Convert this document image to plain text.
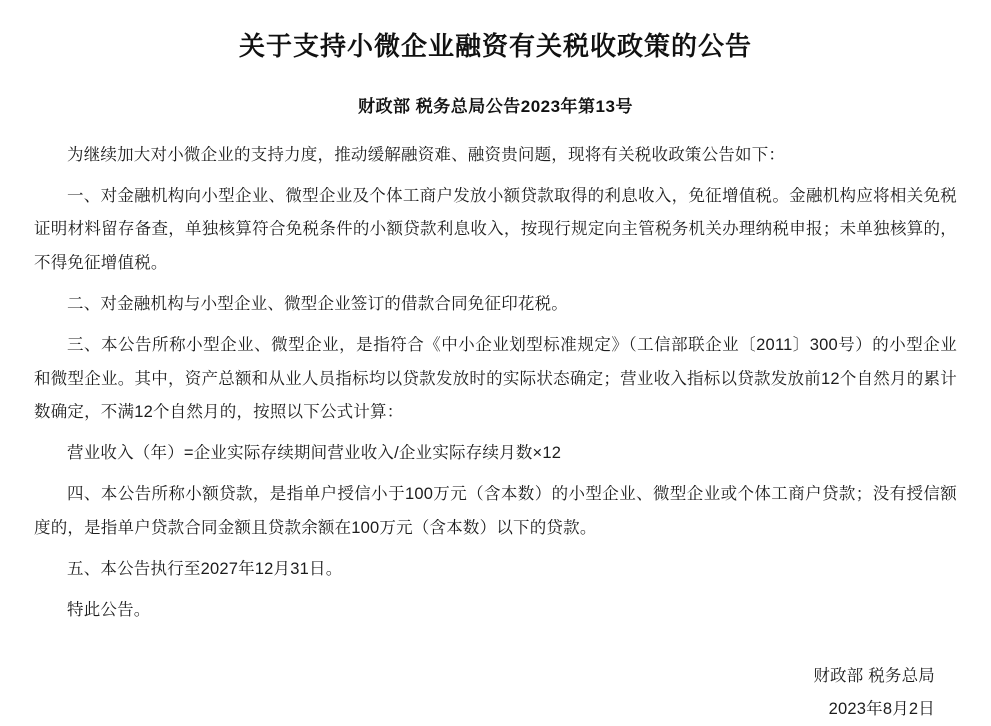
关于支持小微企业融资有关税收政策的公告
财政部 税务总局公告2023年第13号

为继续加大对小微企业的支持力度，推动缓解融资难、融资贵问题，现将有关税收政策公告如下：

一、对金融机构向小型企业、微型企业及个体工商户发放小额贷款取得的利息收入，免征增值税。金融机构应将相关免税证明材料留存备查，单独核算符合免税条件的小额贷款利息收入，按现行规定向主管税务机关办理纳税申报；未单独核算的，不得免征增值税。

二、对金融机构与小型企业、微型企业签订的借款合同免征印花税。

三、本公告所称小型企业、微型企业，是指符合《中小企业划型标准规定》（工信部联企业〔2011〕300号）的小型企业和微型企业。其中，资产总额和从业人员指标均以贷款发放时的实际状态确定；营业收入指标以贷款发放前12个自然月的累计数确定，不满12个自然月的，按照以下公式计算：

营业收入（年）=企业实际存续期间营业收入/企业实际存续月数×12

四、本公告所称小额贷款，是指单户授信小于100万元（含本数）的小型企业、微型企业或个体工商户贷款；没有授信额度的，是指单户贷款合同金额且贷款余额在100万元（含本数）以下的贷款。

五、本公告执行至2027年12月31日。

特此公告。

财政部 税务总局
2023年8月2日
